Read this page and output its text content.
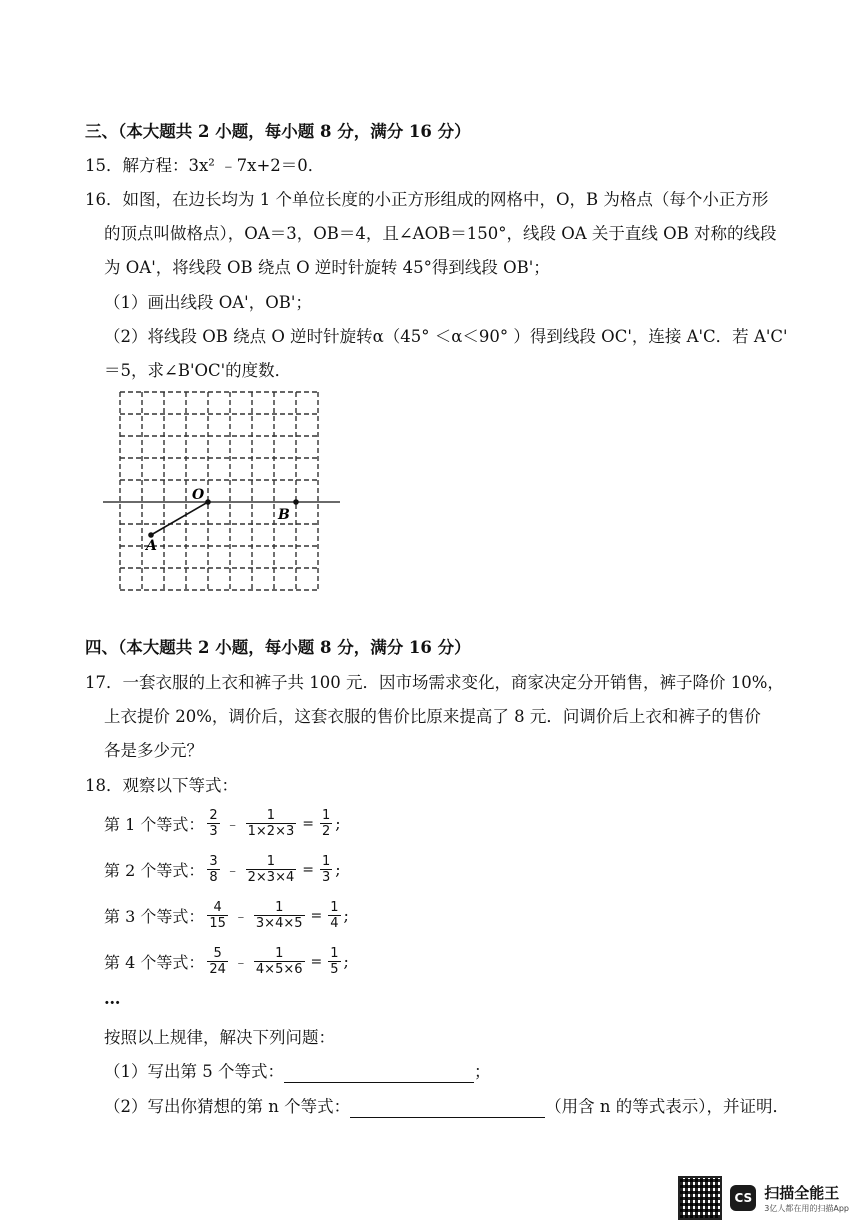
三、（本大题共 2 小题，每小题 8 分，满分 16 分）
15．解方程：3x² ﹣7x+2＝0．
16．如图，在边长均为 1 个单位长度的小正方形组成的网格中，O，B 为格点（每个小正方形
的顶点叫做格点），OA＝3，OB＝4，且∠AOB＝150°，线段 OA 关于直线 OB 对称的线段
为 OA'，将线段 OB 绕点 O 逆时针旋转 45°得到线段 OB'；
（1）画出线段 OA'，OB'；
（2）将线段 OB 绕点 O 逆时针旋转α（45° ＜α＜90° ）得到线段 OC'，连接 A'C．若 A'C'
＝5，求∠B'OC'的度数．
O
B
A
四、（本大题共 2 小题，每小题 8 分，满分 16 分）
17．一套衣服的上衣和裤子共 100 元．因市场需求变化，商家决定分开销售，裤子降价 10%，
上衣提价 20%，调价后，这套衣服的售价比原来提高了 8 元．问调价后上衣和裤子的售价
各是多少元？
18．观察以下等式：
第 1 个等式： $\frac{2}{3}$ ﹣ $\frac{1}{1\times 2\times 3} = \frac{1}{2}$ ;
第 2 个等式： $\frac{3}{8}$ ﹣ $\frac{1}{2\times 3\times 4} = \frac{1}{3}$ ;
第 3 个等式： $\frac{4}{15}$ ﹣ $\frac{1}{3\times 4\times 5} = \frac{1}{4}$ ;
第 4 个等式： $\frac{5}{24}$ ﹣ $\frac{1}{4\times 5\times 6} = \frac{1}{5}$ ;
…
按照以上规律，解决下列问题：
（1）写出第 5 个等式：	；
（2）写出你猜想的第 n 个等式：	（用含 n 的等式表示），并证明．
CS 扫描全能王
3亿人都在用的扫描App
